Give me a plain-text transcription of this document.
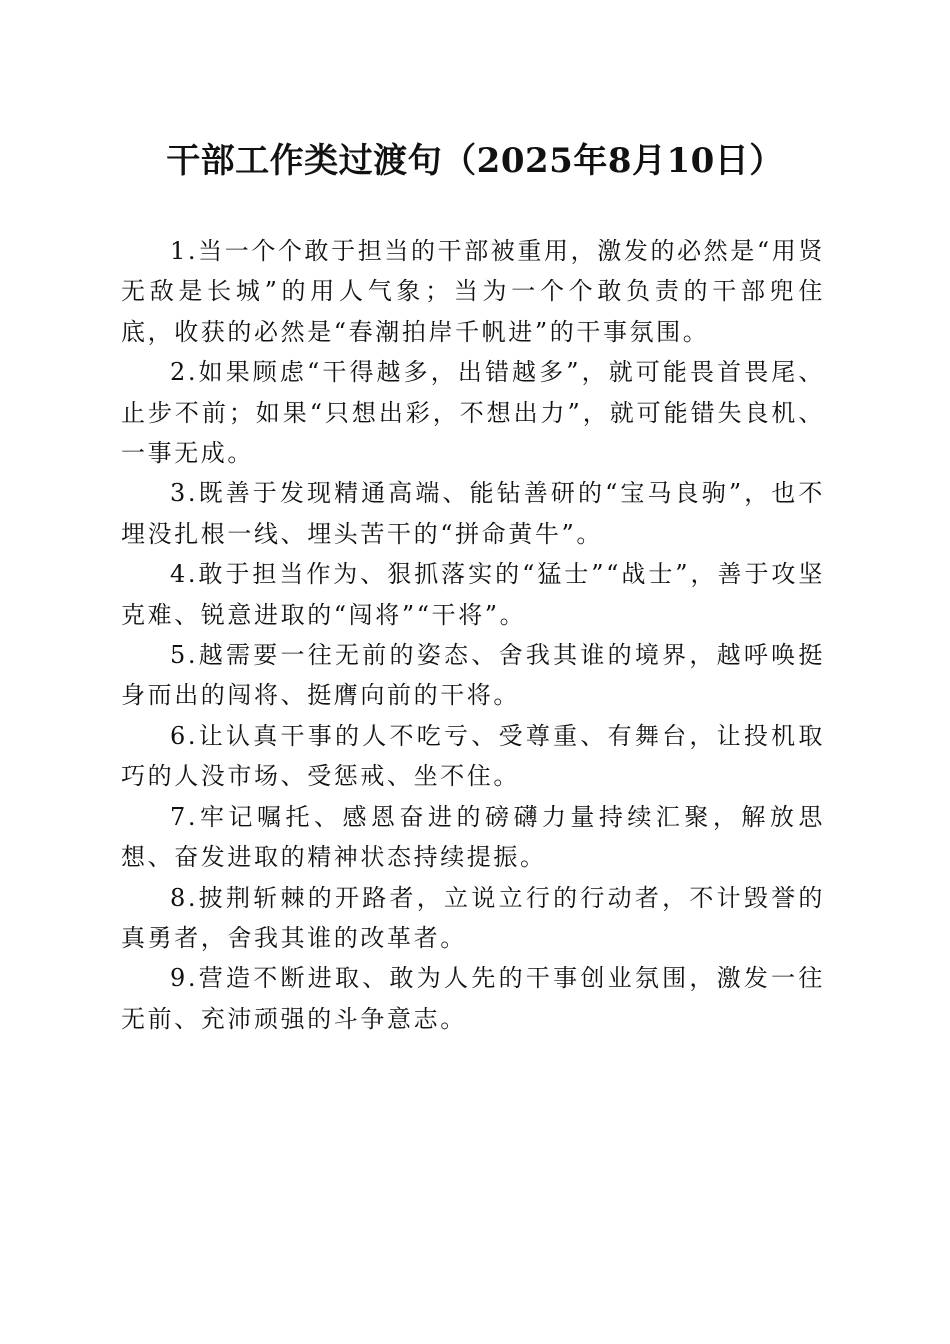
干部工作类过渡句（2025年8月10日）

1.当一个个敢于担当的干部被重用，激发的必然是“用贤无敌是长城”的用人气象；当为一个个敢负责的干部兜住底，收获的必然是“春潮拍岸千帆进”的干事氛围。

2.如果顾虑“干得越多，出错越多”，就可能畏首畏尾、止步不前；如果“只想出彩，不想出力”，就可能错失良机、一事无成。

3.既善于发现精通高端、能钻善研的“宝马良驹”，也不埋没扎根一线、埋头苦干的“拼命黄牛”。

4.敢于担当作为、狠抓落实的“猛士”“战士”，善于攻坚克难、锐意进取的“闯将”“干将”。

5.越需要一往无前的姿态、舍我其谁的境界，越呼唤挺身而出的闯将、挺膺向前的干将。

6.让认真干事的人不吃亏、受尊重、有舞台，让投机取巧的人没市场、受惩戒、坐不住。

7.牢记嘱托、感恩奋进的磅礴力量持续汇聚，解放思想、奋发进取的精神状态持续提振。

8.披荆斩棘的开路者，立说立行的行动者，不计毁誉的真勇者，舍我其谁的改革者。

9.营造不断进取、敢为人先的干事创业氛围，激发一往无前、充沛顽强的斗争意志。
